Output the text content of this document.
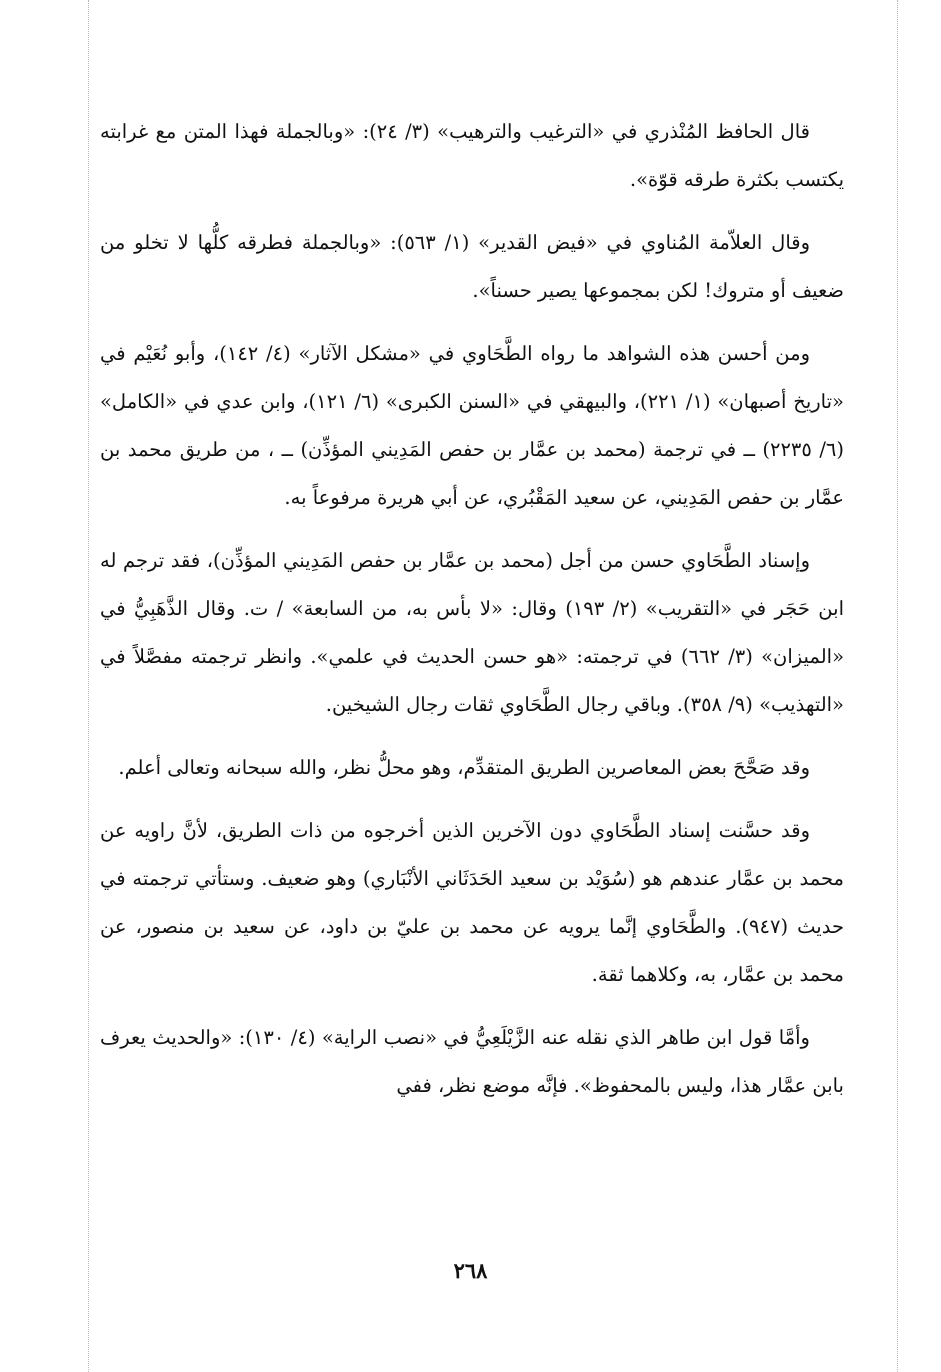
قال الحافظ المُنْذري في «الترغيب والترهيب» (٣/ ٢٤): «وبالجملة فهذا المتن مع غرابته يكتسب بكثرة طرقه قوّة».

وقال العلاّمة المُناوي في «فيض القدير» (١/ ٥٦٣): «وبالجملة فطرقه كلُّها لا تخلو من ضعيف أو متروك! لكن بمجموعها يصير حسناً».

ومن أحسن هذه الشواهد ما رواه الطَّحَاوي في «مشكل الآثار» (٤/ ١٤٢)، وأبو نُعَيْم في «تاريخ أصبهان» (١/ ٢٢١)، والبيهقي في «السنن الكبرى» (٦/ ١٢١)، وابن عدي في «الكامل» (٦/ ٢٢٣٥) ــ في ترجمة (محمد بن عمَّار بن حفص المَدِيني المؤذِّن) ــ ، من طريق محمد بن عمَّار بن حفص المَدِيني، عن سعيد المَقْبُري، عن أبي هريرة مرفوعاً به.

وإسناد الطَّحَاوي حسن من أجل (محمد بن عمَّار بن حفص المَدِيني المؤذِّن)، فقد ترجم له ابن حَجَر في «التقريب» (٢/ ١٩٣) وقال: «لا بأس به، من السابعة» / ت. وقال الذَّهَبِيُّ في «الميزان» (٣/ ٦٦٢) في ترجمته: «هو حسن الحديث في علمي». وانظر ترجمته مفصَّلاً في «التهذيب» (٩/ ٣٥٨). وباقي رجال الطَّحَاوي ثقات رجال الشيخين.

وقد صَحَّحَ بعض المعاصرين الطريق المتقدِّم، وهو محلُّ نظر، والله سبحانه وتعالى أعلم.

وقد حسَّنت إسناد الطَّحَاوي دون الآخرين الذين أخرجوه من ذات الطريق، لأنَّ راويه عن محمد بن عمَّار عندهم هو (سُوَيْد بن سعيد الحَدَثَاني الأنْبَاري) وهو ضعيف. وستأتي ترجمته في حديث (٩٤٧). والطَّحَاوي إنَّما يرويه عن محمد بن عليّ بن داود، عن سعيد بن منصور، عن محمد بن عمَّار، به، وكلاهما ثقة.

وأمَّا قول ابن طاهر الذي نقله عنه الزَّيْلَعِيُّ في «نصب الراية» (٤/ ١٣٠): «والحديث يعرف بابن عمَّار هذا، وليس بالمحفوظ». فإنَّه موضع نظر، ففي

٢٦٨
